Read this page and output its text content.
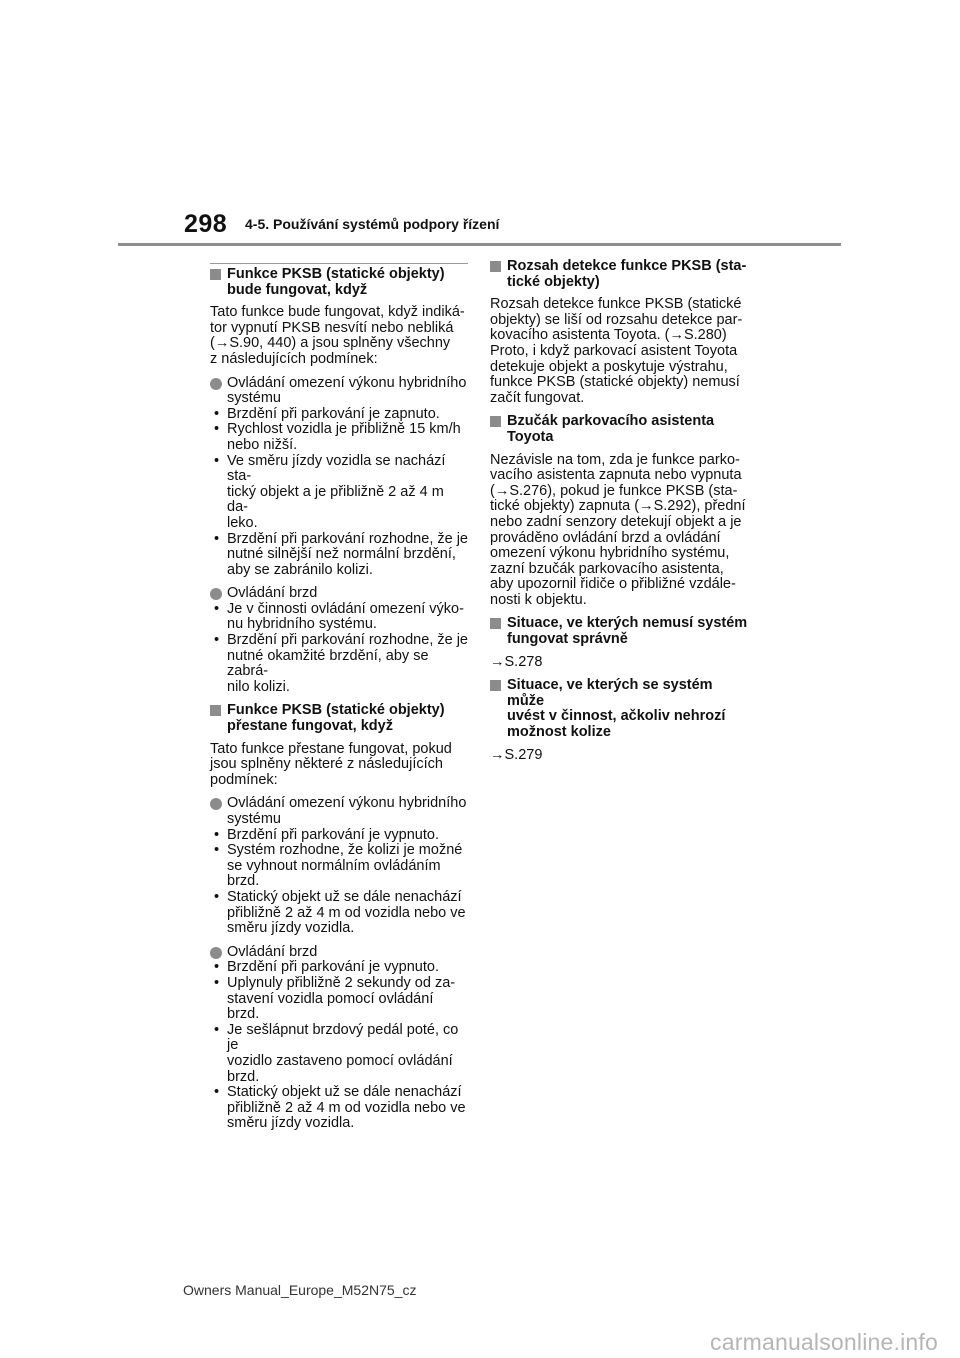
298 4-5. Používání systémů podpory řízení
Funkce PKSB (statické objekty)
bude fungovat, když
Tato funkce bude fungovat, když indiká-
tor vypnutí PKSB nesvítí nebo nebliká
(→S.90, 440) a jsou splněny všechny
z následujících podmínek:
Ovládání omezení výkonu hybridního
systému
• Brzdění při parkování je zapnuto.
• Rychlost vozidla je přibližně 15 km/h
nebo nižší.
• Ve směru jízdy vozidla se nachází sta-
tický objekt a je přibližně 2 až 4 m da-
leko.
• Brzdění při parkování rozhodne, že je
nutné silnější než normální brzdění,
aby se zabránilo kolizi.
Ovládání brzd
• Je v činnosti ovládání omezení výko-
nu hybridního systému.
• Brzdění při parkování rozhodne, že je
nutné okamžité brzdění, aby se zabrá-
nilo kolizi.
Funkce PKSB (statické objekty)
přestane fungovat, když
Tato funkce přestane fungovat, pokud
jsou splněny některé z následujících
podmínek:
Ovládání omezení výkonu hybridního
systému
• Brzdění při parkování je vypnuto.
• Systém rozhodne, že kolizi je možné
se vyhnout normálním ovládáním
brzd.
• Statický objekt už se dále nenachází
přibližně 2 až 4 m od vozidla nebo ve
směru jízdy vozidla.
Ovládání brzd
• Brzdění při parkování je vypnuto.
• Uplynuly přibližně 2 sekundy od za-
stavení vozidla pomocí ovládání brzd.
• Je sešlápnut brzdový pedál poté, co je
vozidlo zastaveno pomocí ovládání
brzd.
• Statický objekt už se dále nenachází
přibližně 2 až 4 m od vozidla nebo ve
směru jízdy vozidla.
Rozsah detekce funkce PKSB (sta-
tické objekty)
Rozsah detekce funkce PKSB (statické
objekty) se liší od rozsahu detekce par-
kovacího asistenta Toyota. (→S.280)
Proto, i když parkovací asistent Toyota
detekuje objekt a poskytuje výstrahu,
funkce PKSB (statické objekty) nemusí
začít fungovat.
Bzučák parkovacího asistenta
Toyota
Nezávisle na tom, zda je funkce parko-
vacího asistenta zapnuta nebo vypnuta
(→S.276), pokud je funkce PKSB (sta-
tické objekty) zapnuta (→S.292), přední
nebo zadní senzory detekují objekt a je
prováděno ovládání brzd a ovládání
omezení výkonu hybridního systému,
zazní bzučák parkovacího asistenta,
aby upozornil řidiče o přibližné vzdále-
nosti k objektu.
Situace, ve kterých nemusí systém
fungovat správně
→S.278
Situace, ve kterých se systém může
uvést v činnost, ačkoliv nehrozí
možnost kolize
→S.279
Owners Manual_Europe_M52N75_cz
carmanualsonline.info
